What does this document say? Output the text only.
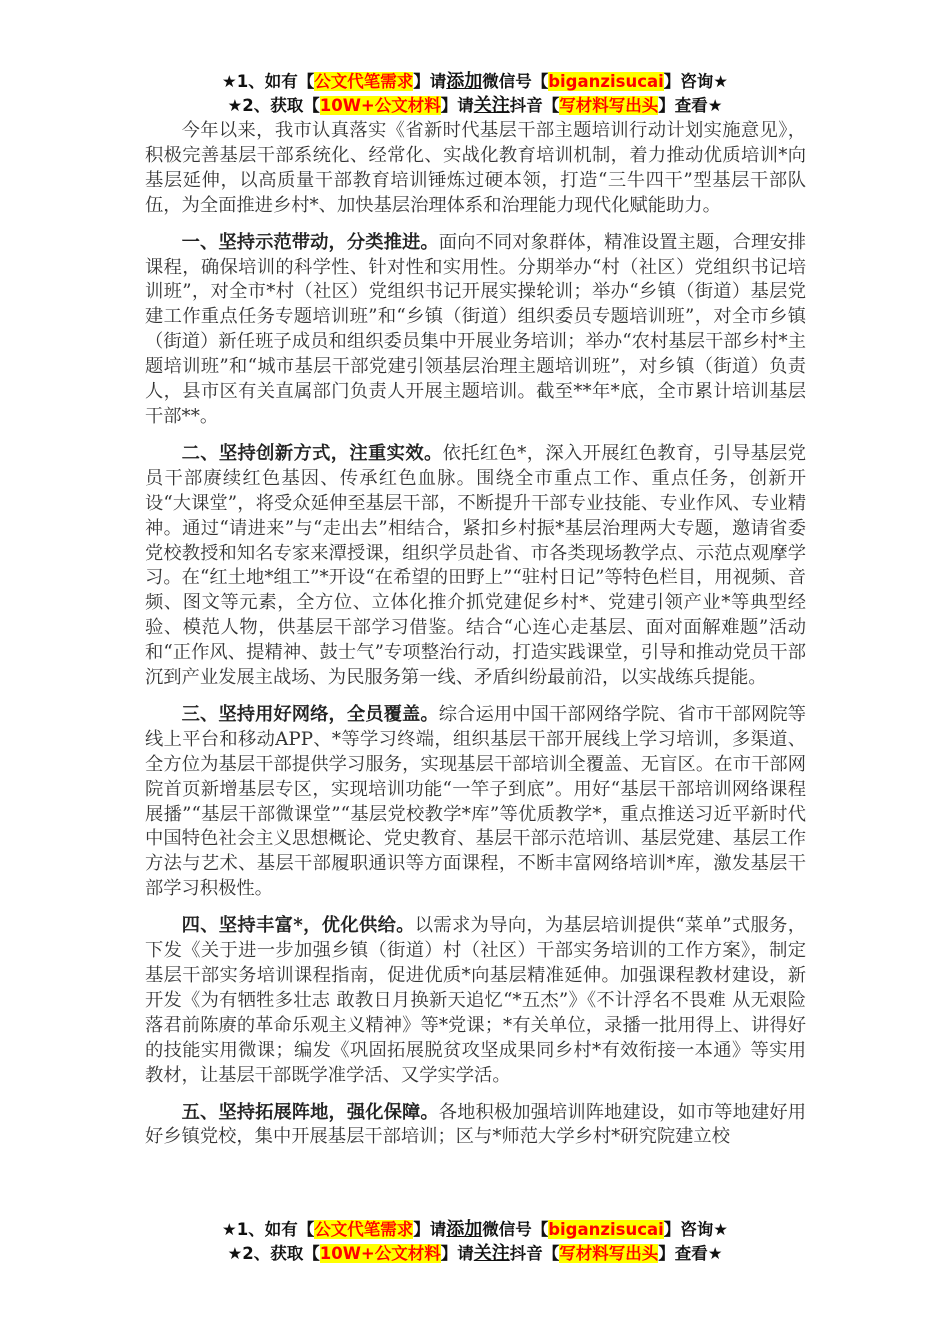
★1、如有【公文代笔需求】请添加微信号【biganzisucai】咨询★
★2、获取【10W+公文材料】请关注抖音【写材料写出头】查看★

今年以来，我市认真落实《省新时代基层干部主题培训行动计划实施意见》，积极完善基层干部系统化、经常化、实战化教育培训机制，着力推动优质培训*向基层延伸，以高质量干部教育培训锤炼过硬本领，打造“三牛四干”型基层干部队伍，为全面推进乡村*、加快基层治理体系和治理能力现代化赋能助力。

一、坚持示范带动，分类推进。面向不同对象群体，精准设置主题，合理安排课程，确保培训的科学性、针对性和实用性。分期举办“村（社区）党组织书记培训班”，对全市*村（社区）党组织书记开展实操轮训；举办“乡镇（街道）基层党建工作重点任务专题培训班”和“乡镇（街道）组织委员专题培训班”，对全市乡镇（街道）新任班子成员和组织委员集中开展业务培训；举办“农村基层干部乡村*主题培训班”和“城市基层干部党建引领基层治理主题培训班”，对乡镇（街道）负责人，县市区有关直属部门负责人开展主题培训。截至**年*底，全市累计培训基层干部**。

二、坚持创新方式，注重实效。依托红色*，深入开展红色教育，引导基层党员干部赓续红色基因、传承红色血脉。围绕全市重点工作、重点任务，创新开设“大课堂”，将受众延伸至基层干部，不断提升干部专业技能、专业作风、专业精神。通过“请进来”与“走出去”相结合，紧扣乡村振*基层治理两大专题，邀请省委党校教授和知名专家来潭授课，组织学员赴省、市各类现场教学点、示范点观摩学习。在“红土地*组工”*开设“在希望的田野上”“驻村日记”等特色栏目，用视频、音频、图文等元素，全方位、立体化推介抓党建促乡村*、党建引领产业*等典型经验、模范人物，供基层干部学习借鉴。结合“心连心走基层、面对面解难题”活动和“正作风、提精神、鼓士气”专项整治行动，打造实践课堂，引导和推动党员干部沉到产业发展主战场、为民服务第一线、矛盾纠纷最前沿，以实战练兵提能。

三、坚持用好网络，全员覆盖。综合运用中国干部网络学院、省市干部网院等线上平台和移动APP、*等学习终端，组织基层干部开展线上学习培训，多渠道、全方位为基层干部提供学习服务，实现基层干部培训全覆盖、无盲区。在市干部网院首页新增基层专区，实现培训功能“一竿子到底”。用好“基层干部培训网络课程展播”“基层干部微课堂”“基层党校教学*库”等优质教学*，重点推送习近平新时代中国特色社会主义思想概论、党史教育、基层干部示范培训、基层党建、基层工作方法与艺术、基层干部履职通识等方面课程，不断丰富网络培训*库，激发基层干部学习积极性。

四、坚持丰富*，优化供给。以需求为导向，为基层培训提供“菜单”式服务，下发《关于进一步加强乡镇（街道）村（社区）干部实务培训的工作方案》，制定基层干部实务培训课程指南，促进优质*向基层精准延伸。加强课程教材建设，新开发《为有牺牲多壮志 敢教日月换新天追忆“*五杰”》《不计浮名不畏难 从无艰险落君前陈赓的革命乐观主义精神》等*党课；*有关单位，录播一批用得上、讲得好的技能实用微课；编发《巩固拓展脱贫攻坚成果同乡村*有效衔接一本通》等实用教材，让基层干部既学准学活、又学实学活。

五、坚持拓展阵地，强化保障。各地积极加强培训阵地建设，如市等地建好用好乡镇党校，集中开展基层干部培训；区与*师范大学乡村*研究院建立校

★1、如有【公文代笔需求】请添加微信号【biganzisucai】咨询★
★2、获取【10W+公文材料】请关注抖音【写材料写出头】查看★
